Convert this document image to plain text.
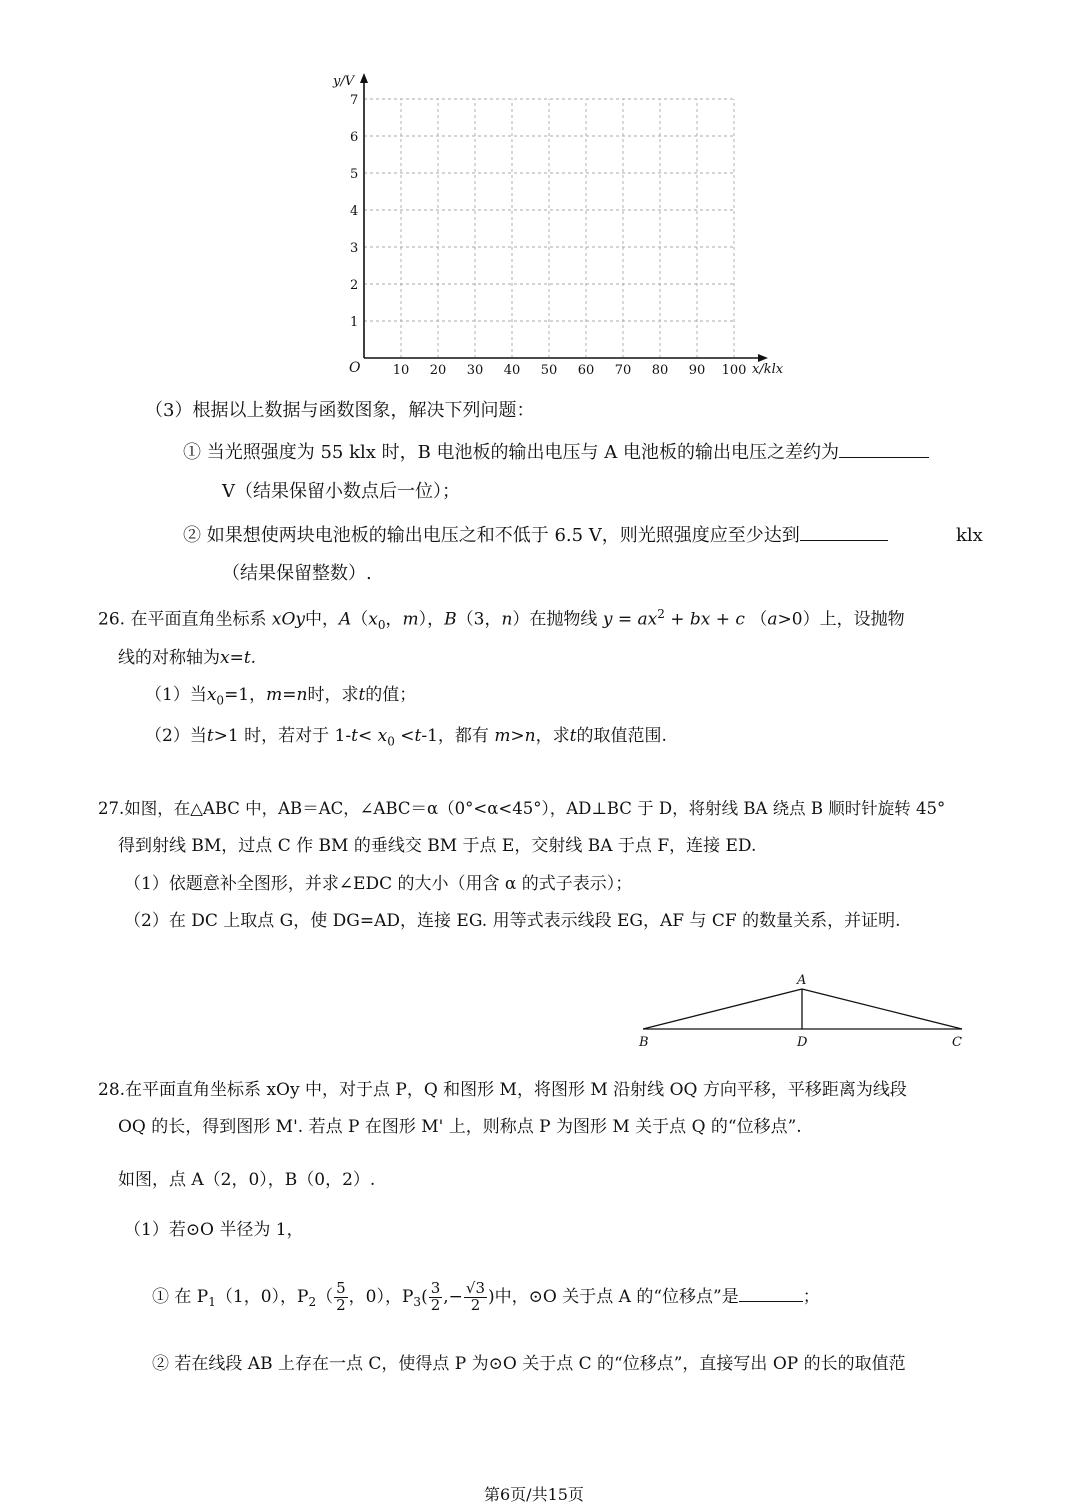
1
2
3
4
5
6
7
10 20 30 40 50 60 70 80 90 100
y/V
x/klx
O
（3）根据以上数据与函数图象，解决下列问题：
① 当光照强度为 55 klx 时，B 电池板的输出电压与 A 电池板的输出电压之差约为
V（结果保留小数点后一位）；
② 如果想使两块电池板的输出电压之和不低于 6.5 V，则光照强度应至少达到	klx
（结果保留整数）.
26. 在平面直角坐标系 xOy中，$A(x_0$，m），B（3，n）在抛物线 $y = ax^2$ + bx + c （a>0）上，设抛物
线的对称轴为x=t.
（1）当$x_0=1$，m=n时，求t的值；
（2）当t>1 时，若对于 $1-t< x_0 <t-1$，都有 m>n，求t的取值范围.
27.如图，在△ABC 中，AB＝AC，∠ABC＝α（0°<α<45°），AD⊥BC 于 D，将射线 BA 绕点 B 顺时针旋转 45°
得到射线 BM，过点 C 作 BM 的垂线交 BM 于点 E，交射线 BA 于点 F，连接 ED.
（1）依题意补全图形，并求∠EDC 的大小（用含 α 的式子表示）；
（2）在 DC 上取点 G，使 DG=AD，连接 EG. 用等式表示线段 EG，AF 与 CF 的数量关系，并证明.
A
B	D	C
28.在平面直角坐标系 xOy 中，对于点 P，Q 和图形 M，将图形 M 沿射线 OQ 方向平移，平移距离为线段
OQ 的长，得到图形 M'. 若点 P 在图形 M' 上，则称点 P 为图形 M 关于点 Q 的“位移点”.
如图，点 A（2，0），B（0，2）.
（1）若⊙O 半径为 1，
① 在 $P_1(1$，0），$P_2( \frac{5}{2}$ ，0），$P_3( \frac{3}{2}$ ,− $\frac{√3}{2}$ )中，⊙O 关于点 A 的“位移点”是	；
② 若在线段 AB 上存在一点 C，使得点 P 为⊙O 关于点 C 的“位移点”，直接写出 OP 的长的取值范
第6页/共15页
